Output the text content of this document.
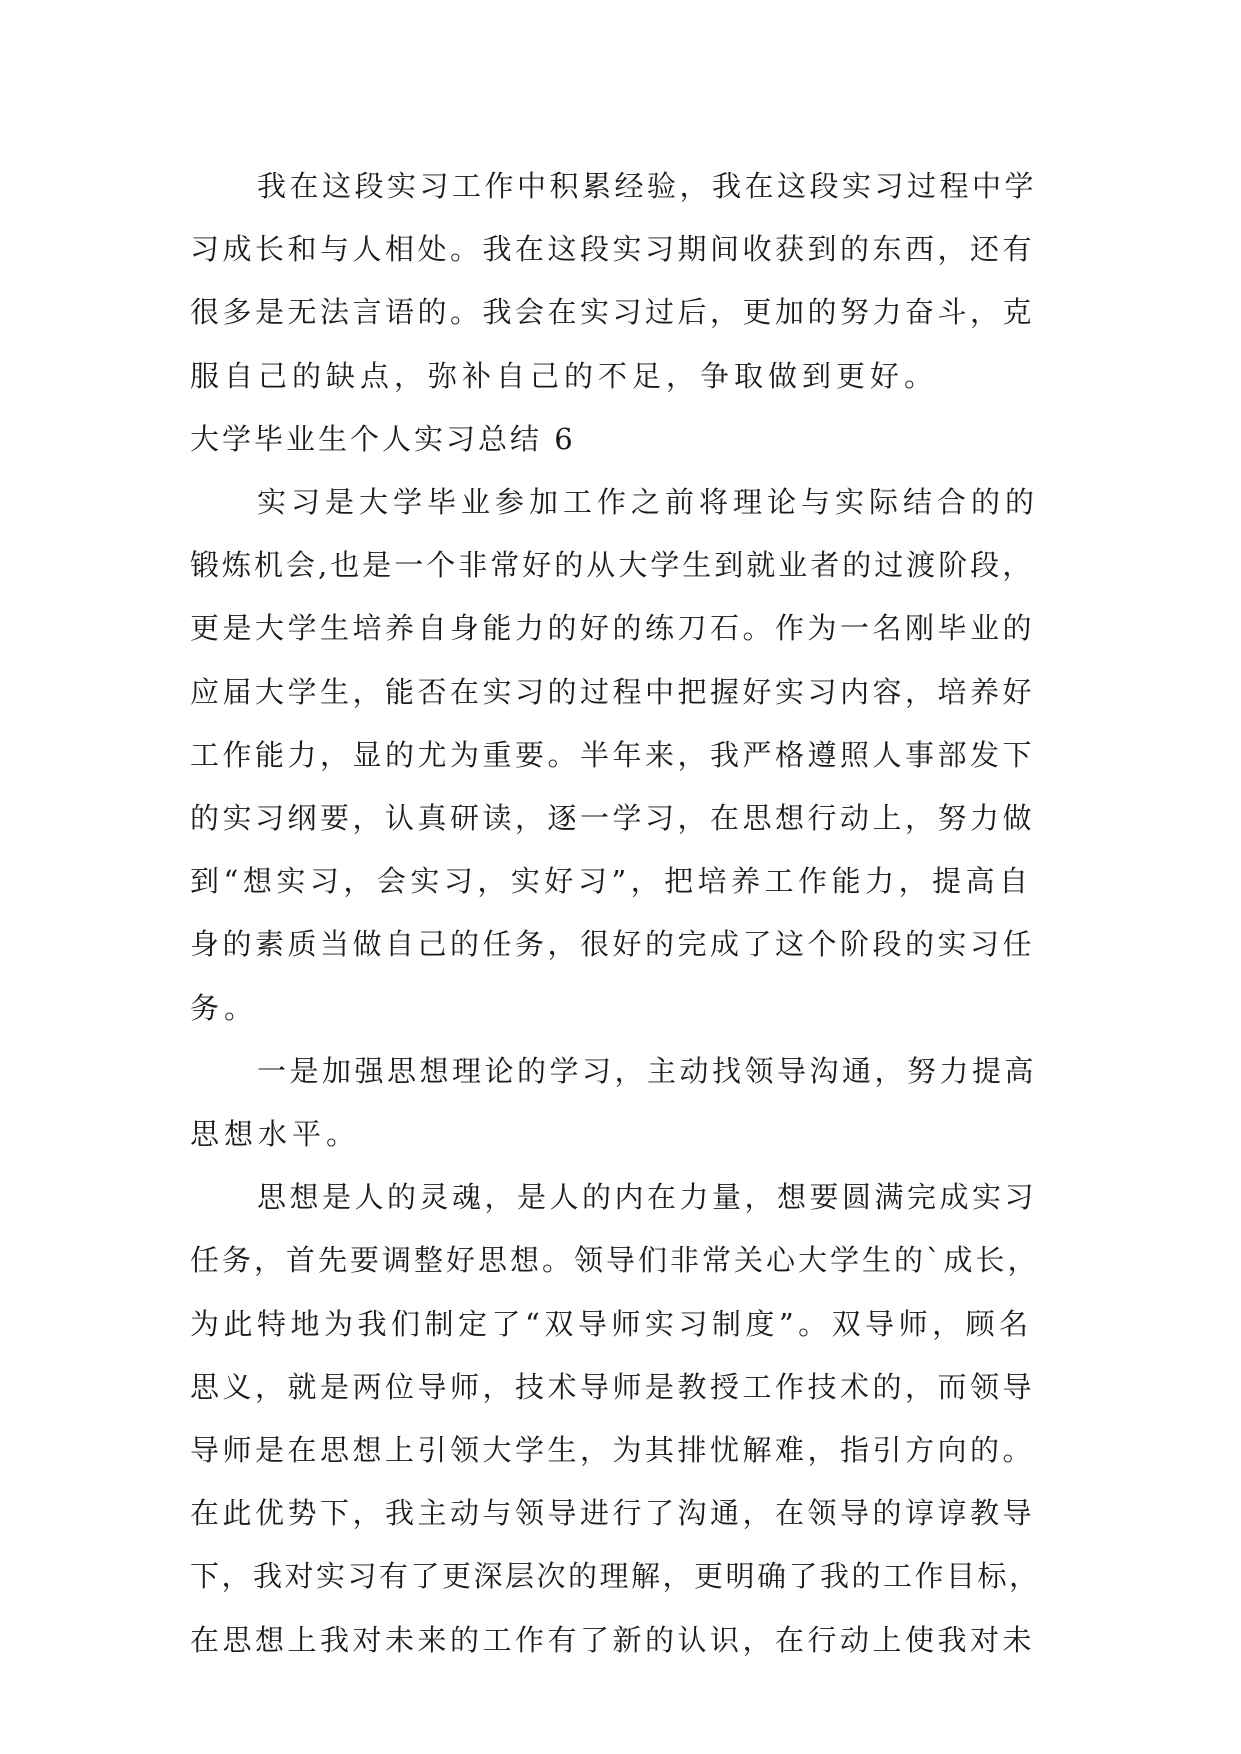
我在这段实习工作中积累经验，我在这段实习过程中学

习成长和与人相处。我在这段实习期间收获到的东西，还有

很多是无法言语的。我会在实习过后，更加的努力奋斗，克

服自己的缺点，弥补自己的不足，争取做到更好。

大学毕业生个人实习总结 6

实习是大学毕业参加工作之前将理论与实际结合的的

锻炼机会,也是一个非常好的从大学生到就业者的过渡阶段，

更是大学生培养自身能力的好的练刀石。作为一名刚毕业的

应届大学生，能否在实习的过程中把握好实习内容，培养好

工作能力，显的尤为重要。半年来，我严格遵照人事部发下

的实习纲要，认真研读，逐一学习，在思想行动上，努力做

到“想实习，会实习，实好习”，把培养工作能力，提高自

身的素质当做自己的任务，很好的完成了这个阶段的实习任

务。

一是加强思想理论的学习，主动找领导沟通，努力提高

思想水平。

思想是人的灵魂，是人的内在力量，想要圆满完成实习

任务，首先要调整好思想。领导们非常关心大学生的`成长，

为此特地为我们制定了“双导师实习制度”。双导师，顾名

思义，就是两位导师，技术导师是教授工作技术的，而领导

导师是在思想上引领大学生，为其排忧解难，指引方向的。

在此优势下，我主动与领导进行了沟通，在领导的谆谆教导

下，我对实习有了更深层次的理解，更明确了我的工作目标，

在思想上我对未来的工作有了新的认识，在行动上使我对未
